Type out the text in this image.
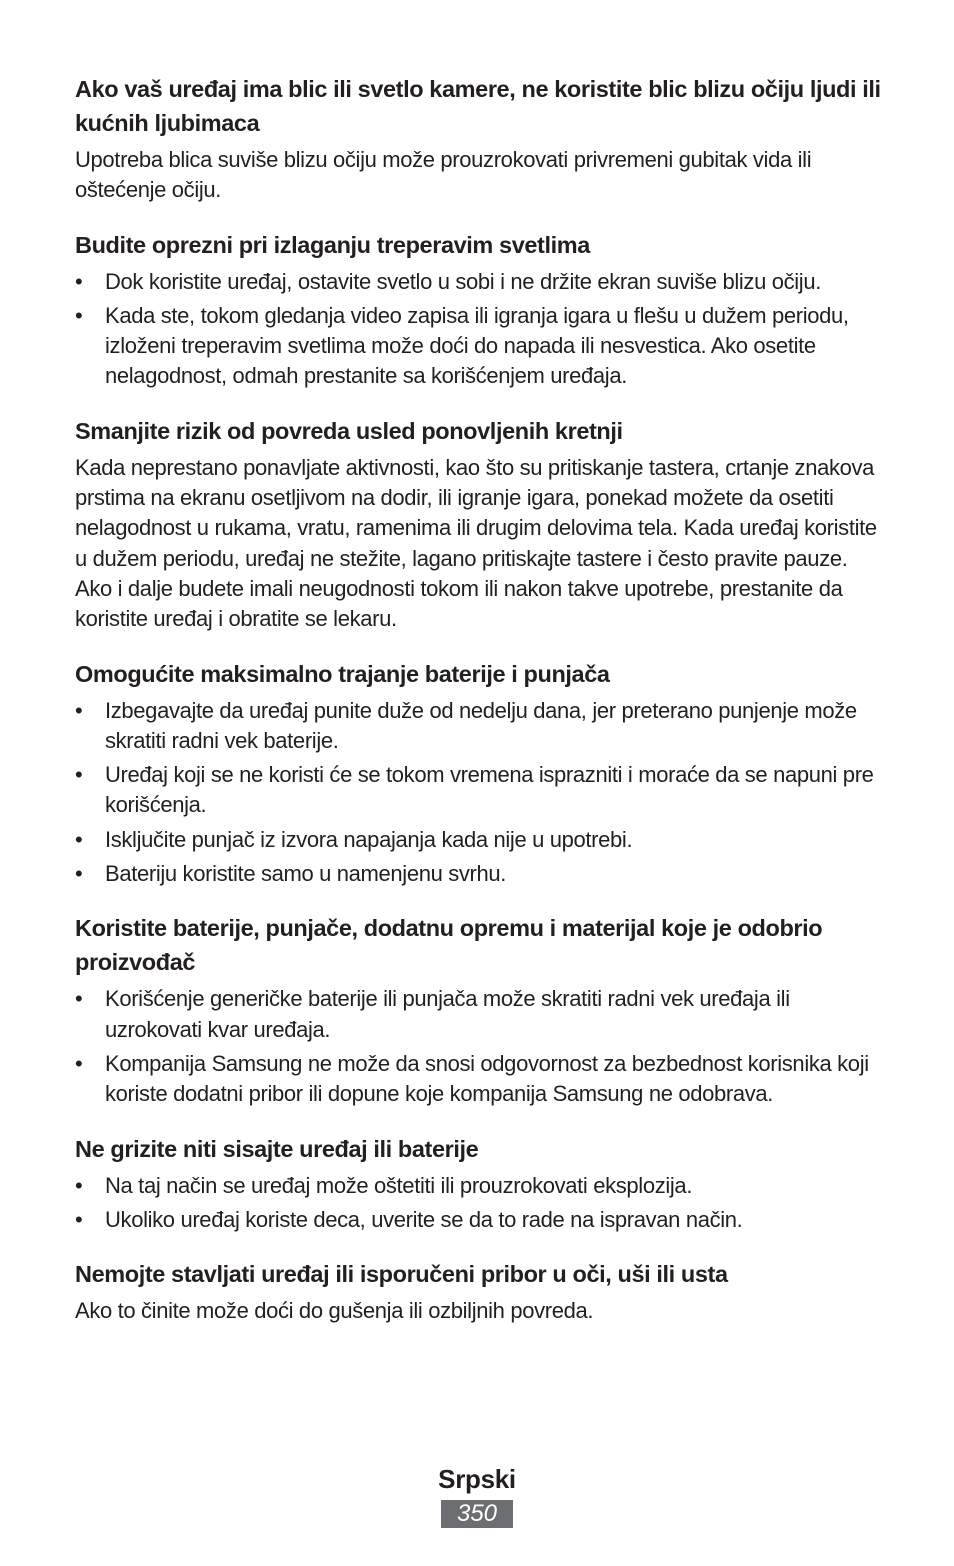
Ako vaš uređaj ima blic ili svetlo kamere, ne koristite blic blizu očiju ljudi ili kućnih ljubimaca

Upotreba blica suviše blizu očiju može prouzrokovati privremeni gubitak vida ili oštećenje očiju.

Budite oprezni pri izlaganju treperavim svetlima
•	Dok koristite uređaj, ostavite svetlo u sobi i ne držite ekran suviše blizu očiju.
•	Kada ste, tokom gledanja video zapisa ili igranja igara u flešu u dužem periodu, izloženi treperavim svetlima može doći do napada ili nesvestica. Ako osetite nelagodnost, odmah prestanite sa korišćenjem uređaja.
Smanjite rizik od povreda usled ponovljenih kretnji

Kada neprestano ponavljate aktivnosti, kao što su pritiskanje tastera, crtanje znakova prstima na ekranu osetljivom na dodir, ili igranje igara, ponekad možete da osetiti nelagodnost u rukama, vratu, ramenima ili drugim delovima tela. Kada uređaj koristite u dužem periodu, uređaj ne stežite, lagano pritiskajte tastere i često pravite pauze. Ako i dalje budete imali neugodnosti tokom ili nakon takve upotrebe, prestanite da koristite uređaj i obratite se lekaru.

Omogućite maksimalno trajanje baterije i punjača
•	Izbegavajte da uređaj punite duže od nedelju dana, jer preterano punjenje može skratiti radni vek baterije.
•	Uređaj koji se ne koristi će se tokom vremena isprazniti i moraće da se napuni pre korišćenja.
•	Isključite punjač iz izvora napajanja kada nije u upotrebi.
•	Bateriju koristite samo u namenjenu svrhu.
Koristite baterije, punjače, dodatnu opremu i materijal koje je odobrio proizvođač
•	Korišćenje generičke baterije ili punjača može skratiti radni vek uređaja ili uzrokovati kvar uređaja.
•	Kompanija Samsung ne može da snosi odgovornost za bezbednost korisnika koji koriste dodatni pribor ili dopune koje kompanija Samsung ne odobrava.
Ne grizite niti sisajte uređaj ili baterije
•	Na taj način se uređaj može oštetiti ili prouzrokovati eksplozija.
•	Ukoliko uređaj koriste deca, uverite se da to rade na ispravan način.
Nemojte stavljati uređaj ili isporučeni pribor u oči, uši ili usta

Ako to činite može doći do gušenja ili ozbiljnih povreda.

Srpski
350
